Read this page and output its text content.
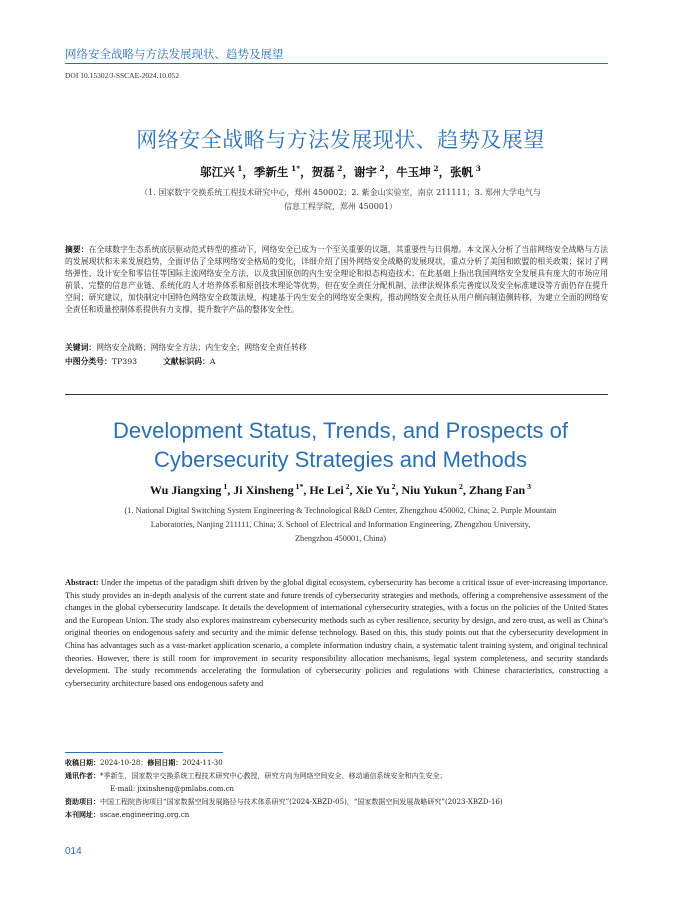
网络安全战略与方法发展现状、趋势及展望
DOI 10.15302/J-SSCAE-2024.10.052
网络安全战略与方法发展现状、趋势及展望
邬江兴 $^1$，季新生 $^{1*}$，贺磊 $^2$，谢宇 $^2$，牛玉坤 $^2$，张帆 $^3$
（1. 国家数字交换系统工程技术研究中心，郑州 450002；2. 紫金山实验室，南京 211111；3. 郑州大学电气与
信息工程学院，郑州 450001）
摘要：在全球数字生态系统底层驱动范式转型的推动下，网络安全已成为一个至关重要的议题，其重要性与日俱增。本文深入分析了当前网络安全战略与方法的发展现状和未来发展趋势，全面评估了全球网络安全格局的变化，详细介绍了国外网络安全战略的发展现状，重点分析了美国和欧盟的相关政策；探讨了网络弹性、设计安全和零信任等国际主流网络安全方法，以及我国原创的内生安全理论和拟态构造技术；在此基础上指出我国网络安全发展具有庞大的市场应用前景、完整的信息产业链、系统化的人才培养体系和原创技术理论等优势，但在安全责任分配机制、法律法规体系完善度以及安全标准建设等方面仍存在提升空间；研究建议，加快制定中国特色网络安全政策法规，构建基于内生安全的网络安全架构，推动网络安全责任从用户侧向制造侧转移，为建立全面的网络安全责任和质量控制体系提供有力支撑，提升数字产品的整体安全性。
关键词：网络安全战略；网络安全方法；内生安全；网络安全责任转移
中图分类号：TP393	文献标识码：A
Development Status, Trends, and Prospects of
Cybersecurity Strategies and Methods
Wu Jiangxing $^1$, Ji Xinsheng $^{1*}$, He Lei $^2$, Xie Yu $^2$, Niu Yukun $^2$, Zhang Fan $^3$
(1. National Digital Switching System Engineering & Technological R&D Center, Zhengzhou 450002, China; 2. Purple Mountain
Laboratories, Nanjing 211111, China; 3. School of Electrical and Information Engineering, Zhengzhou University,
Zhengzhou 450001, China)
Abstract: Under the impetus of the paradigm shift driven by the global digital ecosystem, cybersecurity has become a critical issue of ever-increasing importance. This study provides an in-depth analysis of the current state and future trends of cybersecurity strategies and methods, offering a comprehensive assessment of the changes in the global cybersecurity landscape. It details the development of international cybersecurity strategies, with a focus on the policies of the United States and the European Union. The study also explores mainstream cybersecurity methods such as cyber resilience, security by design, and zero trust, as well as China’s original theories on endogenous safety and security and the mimic defense technology. Based on this, this study points out that the cybersecurity development in China has advantages such as a vast-market application scenario, a complete information industry chain, a systematic talent training system, and original technical theories. However, there is still room for improvement in security responsibility allocation mechanisms, legal system completeness, and security standards development. The study recommends accelerating the formulation of cybersecurity policies and regulations with Chinese characteristics, constructing a cybersecurity architecture based ons endogenous safety and
收稿日期：2024-10-28；修回日期：2024-11-30
通讯作者：*季新生，国家数字交换系统工程技术研究中心教授，研究方向为网络空间安全、移动通信系统安全和内生安全；
E-mail: jixinsheng@pmlabs.com.cn
资助项目：中国工程院咨询项目“国家数据空间发展路径与技术体系研究”(2024-XBZD-05)，“国家数据空间发展战略研究”(2023-XBZD-16)
本刊网址：sscae.engineering.org.cn
014
